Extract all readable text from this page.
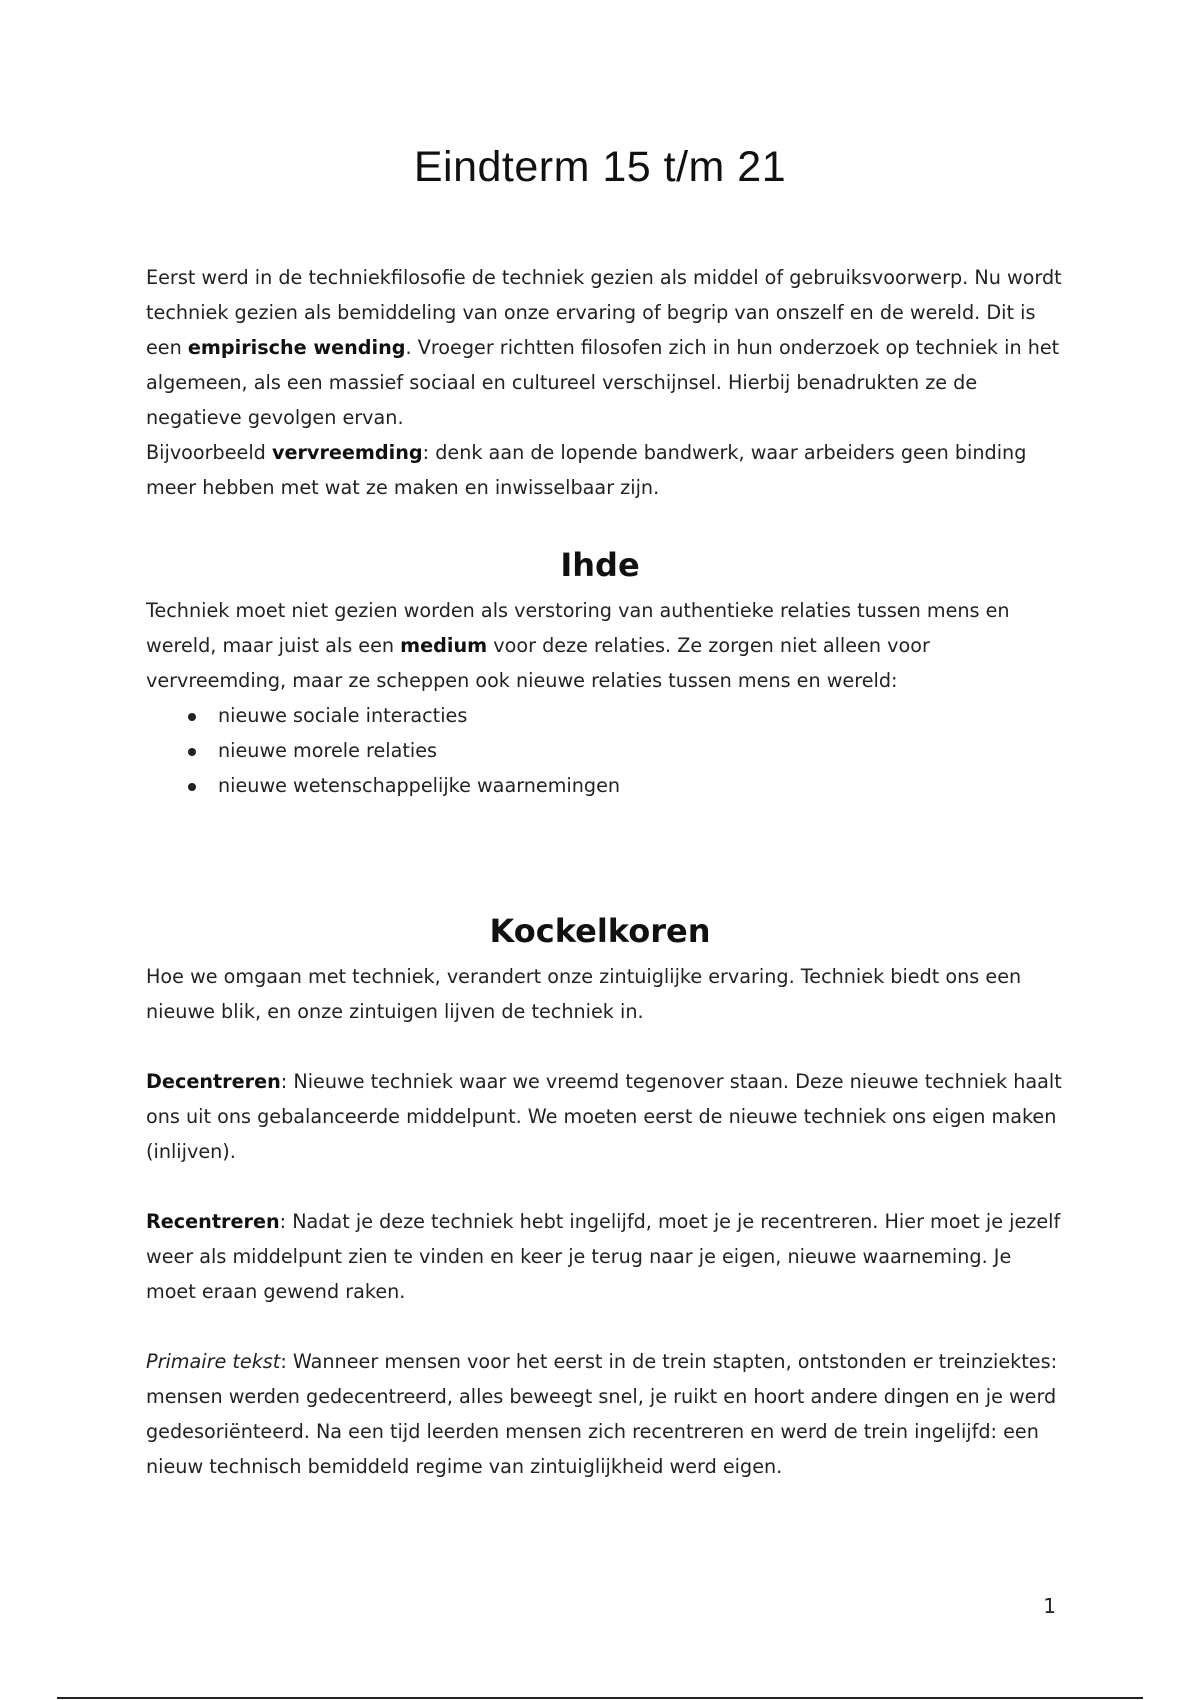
Eindterm 15 t/m 21

Eerst werd in de techniekfilosofie de techniek gezien als middel of gebruiksvoorwerp. Nu wordt techniek gezien als bemiddeling van onze ervaring of begrip van onszelf en de wereld. Dit is een empirische wending. Vroeger richtten filosofen zich in hun onderzoek op techniek in het algemeen, als een massief sociaal en cultureel verschijnsel. Hierbij benadrukten ze de negatieve gevolgen ervan.

Bijvoorbeeld vervreemding: denk aan de lopende bandwerk, waar arbeiders geen binding meer hebben met wat ze maken en inwisselbaar zijn.

Ihde

Techniek moet niet gezien worden als verstoring van authentieke relaties tussen mens en wereld, maar juist als een medium voor deze relaties. Ze zorgen niet alleen voor vervreemding, maar ze scheppen ook nieuwe relaties tussen mens en wereld:

nieuwe sociale interacties
nieuwe morele relaties
nieuwe wetenschappelijke waarnemingen
Kockelkoren

Hoe we omgaan met techniek, verandert onze zintuiglijke ervaring. Techniek biedt ons een nieuwe blik, en onze zintuigen lijven de techniek in.

Decentreren: Nieuwe techniek waar we vreemd tegenover staan. Deze nieuwe techniek haalt ons uit ons gebalanceerde middelpunt. We moeten eerst de nieuwe techniek ons eigen maken (inlijven).

Recentreren: Nadat je deze techniek hebt ingelijfd, moet je je recentreren. Hier moet je jezelf weer als middelpunt zien te vinden en keer je terug naar je eigen, nieuwe waarneming. Je moet eraan gewend raken.

Primaire tekst: Wanneer mensen voor het eerst in de trein stapten, ontstonden er treinziektes: mensen werden gedecentreerd, alles beweegt snel, je ruikt en hoort andere dingen en je werd gedesoriënteerd. Na een tijd leerden mensen zich recentreren en werd de trein ingelijfd: een nieuw technisch bemiddeld regime van zintuiglijkheid werd eigen.

1
